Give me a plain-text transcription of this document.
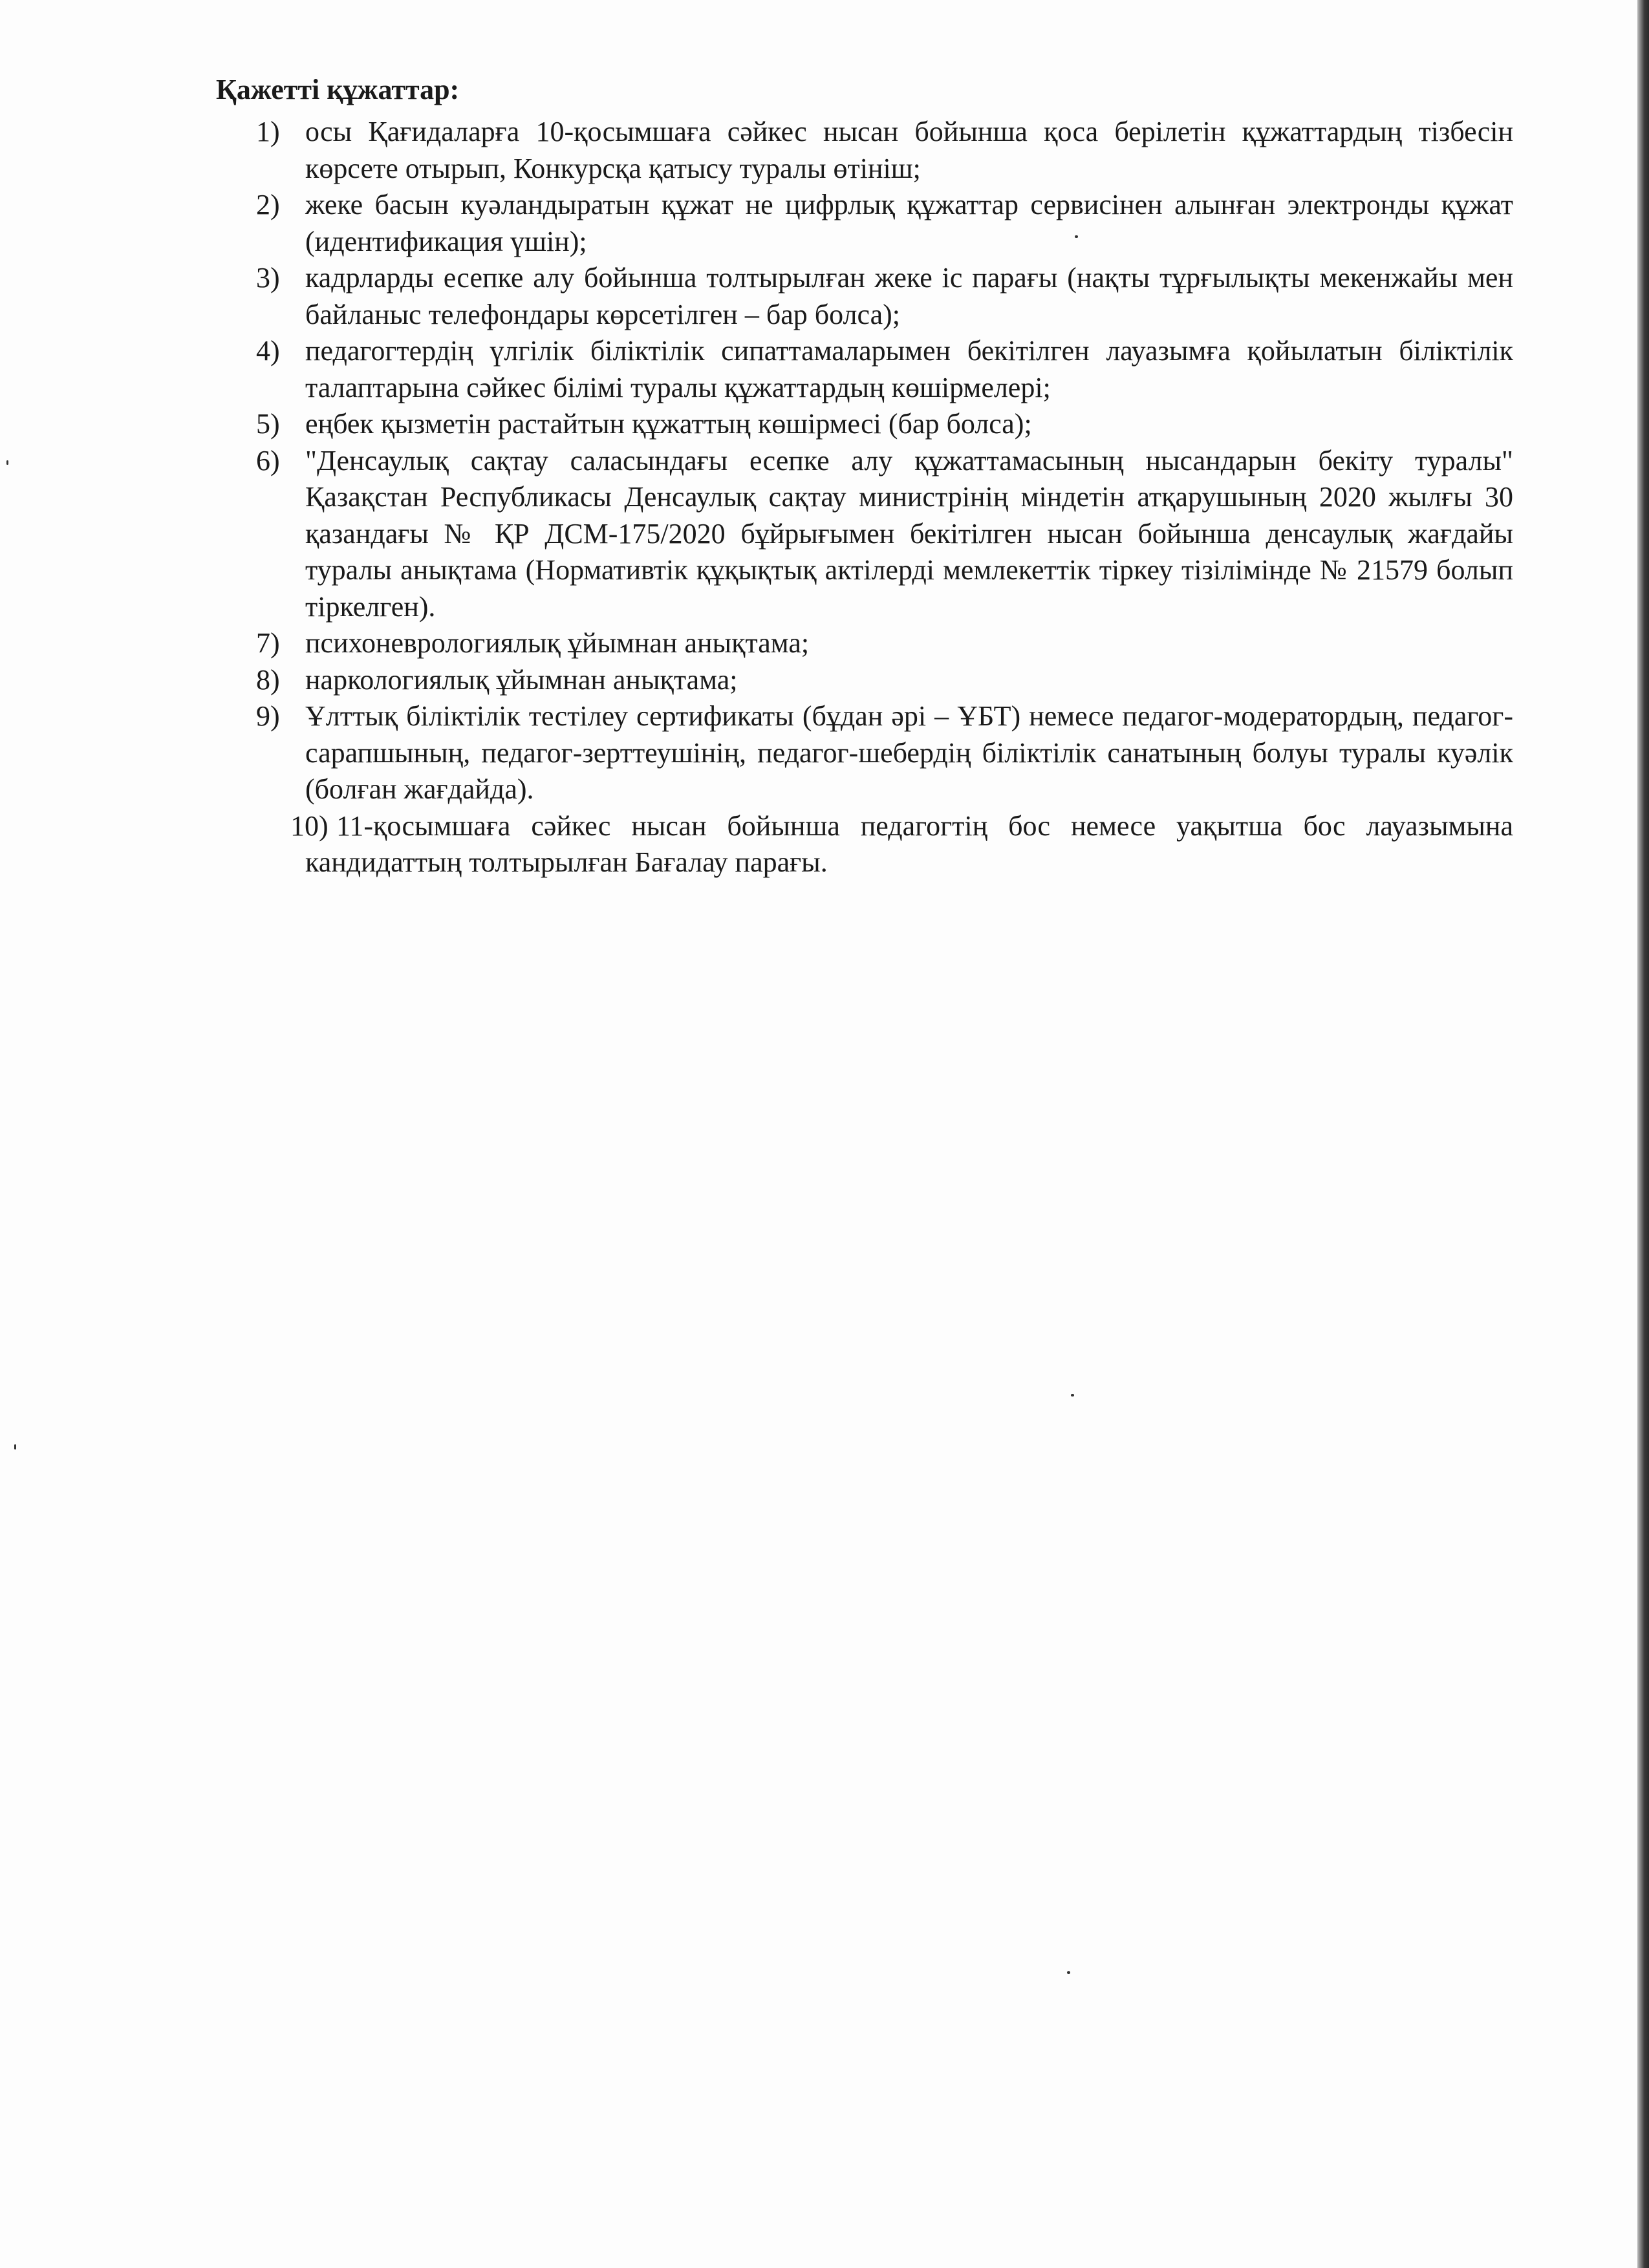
Қажетті құжаттар:
1) осы Қағидаларға 10-қосымшаға сәйкес нысан бойынша қоса берілетін құжаттардың тізбесін көрсете отырып, Конкурсқа қатысу туралы өтініш;
2) жеке басын куәландыратын құжат не цифрлық құжаттар сервисінен алынған электронды құжат (идентификация үшін);
3) кадрларды есепке алу бойынша толтырылған жеке іс парағы (нақты тұрғылықты мекенжайы мен байланыс телефондары көрсетілген – бар болса);
4) педагогтердің үлгілік біліктілік сипаттамаларымен бекітілген лауазымға қойылатын біліктілік талаптарына сәйкес білімі туралы құжаттардың көшірмелері;
5) еңбек қызметін растайтын құжаттың көшірмесі (бар болса);
6) "Денсаулық сақтау саласындағы есепке алу құжаттамасының нысандарын бекіту туралы" Қазақстан Республикасы Денсаулық сақтау министрінің міндетін атқарушының 2020 жылғы 30 қазандағы № ҚР ДСМ-175/2020 бұйрығымен бекітілген нысан бойынша денсаулық жағдайы туралы анықтама (Нормативтік құқықтық актілерді мемлекеттік тіркеу тізілімінде № 21579 болып тіркелген).
7) психоневрологиялық ұйымнан анықтама;
8) наркологиялық ұйымнан анықтама;
9) Ұлттық біліктілік тестілеу сертификаты (бұдан әрі – ҰБТ) немесе педагог-модератордың, педагог-сарапшының, педагог-зерттеушінің, педагог-шебердің біліктілік санатының болуы туралы куәлік (болған жағдайда).
10) 11-қосымшаға сәйкес нысан бойынша педагогтің бос немесе уақытша бос лауазымына кандидаттың толтырылған Бағалау парағы.
